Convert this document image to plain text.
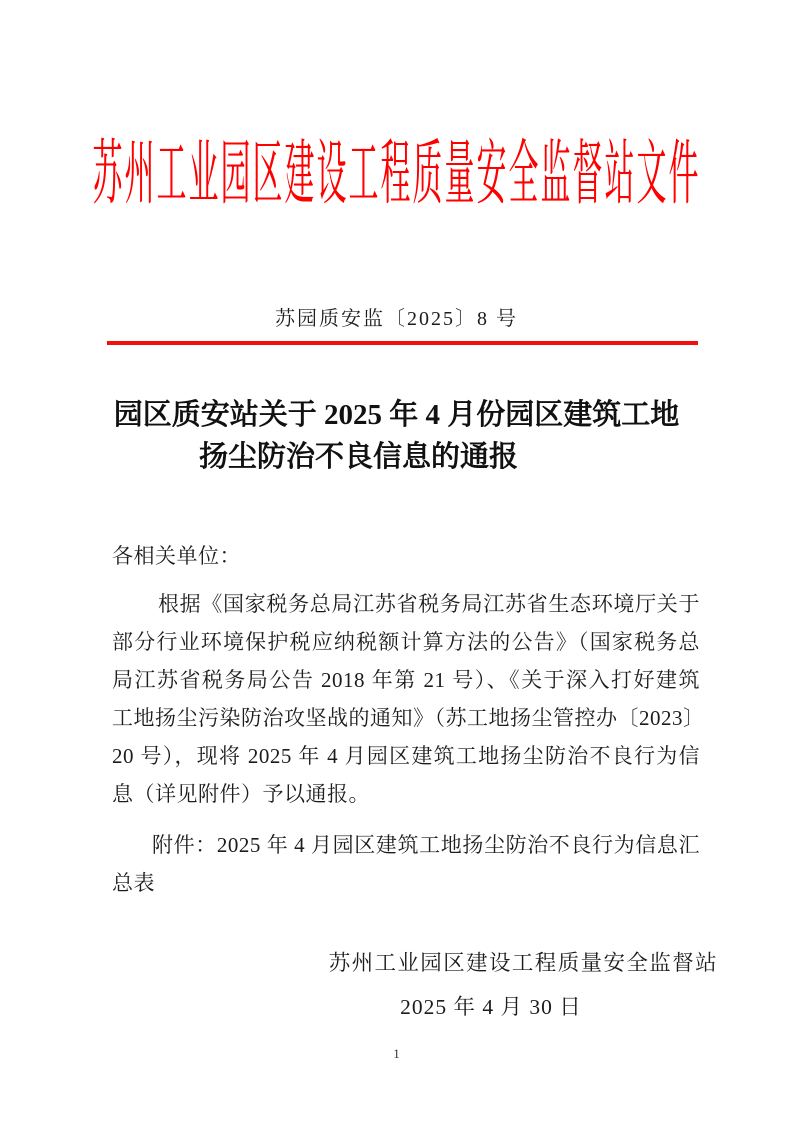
苏州工业园区建设工程质量安全监督站文件
苏园质安监〔2025〕8 号
园区质安站关于 2025 年 4 月份园区建筑工地
扬尘防治不良信息的通报
各相关单位：
根据《国家税务总局江苏省税务局江苏省生态环境厅关于
部分行业环境保护税应纳税额计算方法的公告》（国家税务总
局江苏省税务局公告 2018 年第 21 号）、《关于深入打好建筑
工地扬尘污染防治攻坚战的通知》（苏工地扬尘管控办〔2023〕
20 号），现将 2025 年 4 月园区建筑工地扬尘防治不良行为信
息（详见附件）予以通报。
附件：2025 年 4 月园区建筑工地扬尘防治不良行为信息汇
总表
苏州工业园区建设工程质量安全监督站
2025 年 4 月 30 日
1
